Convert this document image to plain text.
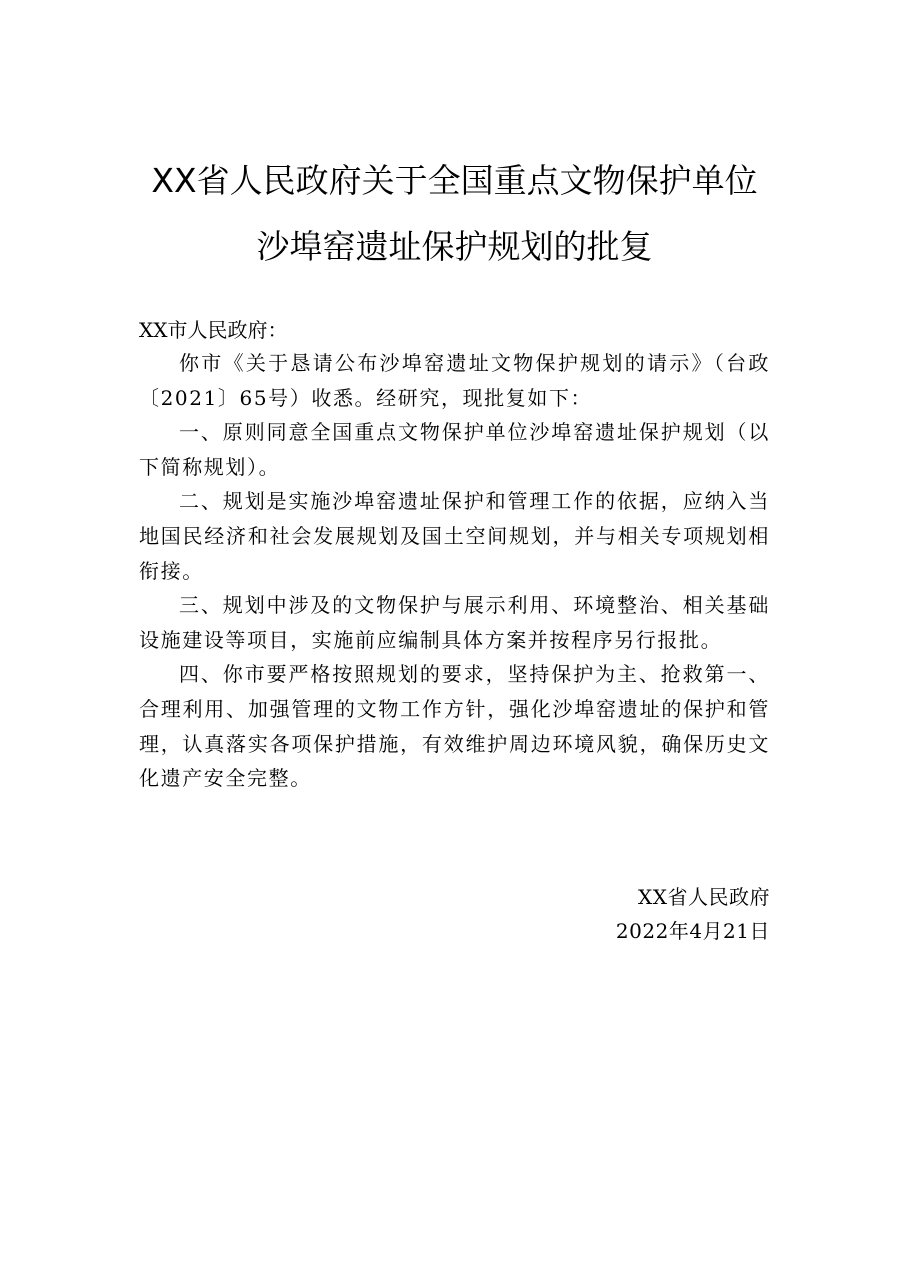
XX省人民政府关于全国重点文物保护单位
沙埠窑遗址保护规划的批复
XX市人民政府：

你市《关于恳请公布沙埠窑遗址文物保护规划的请示》（台政〔2021〕65号）收悉。经研究，现批复如下：

一、原则同意全国重点文物保护单位沙埠窑遗址保护规划（以下简称规划）。

二、规划是实施沙埠窑遗址保护和管理工作的依据，应纳入当地国民经济和社会发展规划及国土空间规划，并与相关专项规划相衔接。

三、规划中涉及的文物保护与展示利用、环境整治、相关基础设施建设等项目，实施前应编制具体方案并按程序另行报批。

四、你市要严格按照规划的要求，坚持保护为主、抢救第一、合理利用、加强管理的文物工作方针，强化沙埠窑遗址的保护和管理，认真落实各项保护措施，有效维护周边环境风貌，确保历史文化遗产安全完整。

XX省人民政府
2022年4月21日
